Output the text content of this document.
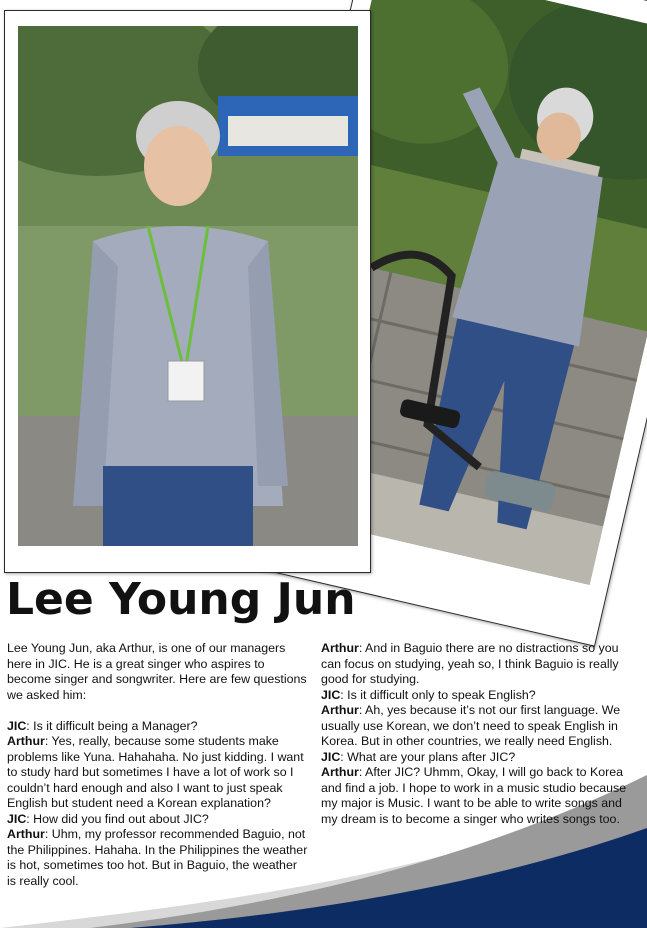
Lee Young Jun

Lee Young Jun, aka Arthur, is one of our managers here in JIC. He is a great singer who aspires to become singer and songwriter. Here are few questions we asked him:

JIC: Is it difficult being a Manager?

Arthur: Yes, really, because some students make problems like Yuna. Hahahaha. No just kidding. I want to study hard but sometimes I have a lot of work so I couldn’t hard enough and also I want to just speak English but student need a Korean explanation?

JIC: How did you find out about JIC?

Arthur: Uhm, my professor recommended Baguio, not the Philippines. Hahaha. In the Philippines the weather is hot, sometimes too hot. But in Baguio, the weather is really cool.

Arthur: And in Baguio there are no distractions so you can focus on studying, yeah so, I think Baguio is really good for studying.

JIC: Is it difficult only to speak English?

Arthur: Ah, yes because it’s not our first language. We usually use Korean, we don’t need to speak English in Korea. But in other countries, we really need English.

JIC: What are your plans after JIC?

Arthur: After JIC? Uhmm, Okay, I will go back to Korea and find a job. I hope to work in a music studio because my major is Music. I want to be able to write songs and my dream is to become a singer who writes songs too.
